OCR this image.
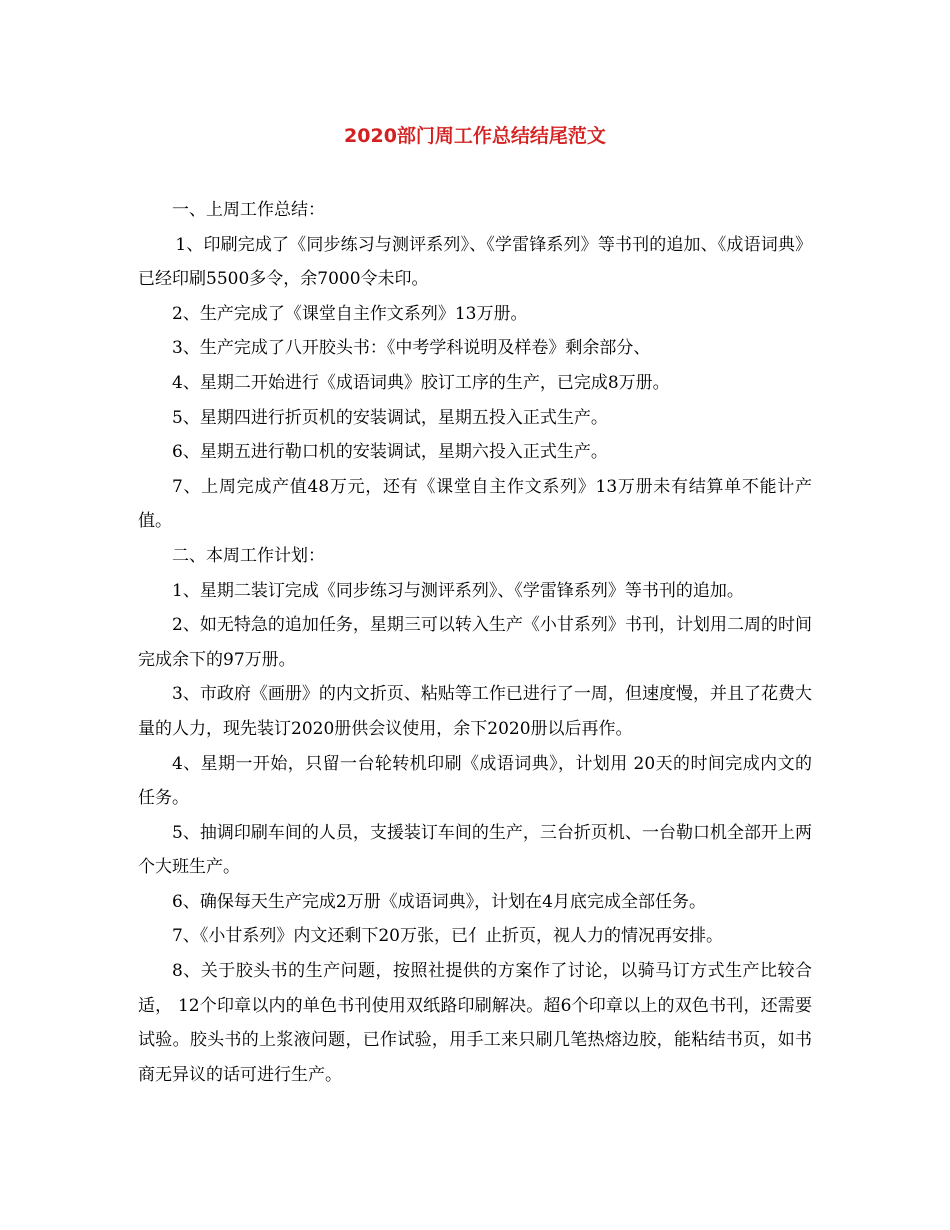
2020部门周工作总结结尾范文

一、上周工作总结：

1、印刷完成了《同步练习与测评系列》、《学雷锋系列》等书刊的追加、《成语词典》已经印刷5500多令，余7000令未印。

2、生产完成了《课堂自主作文系列》13万册。

3、生产完成了八开胶头书：《中考学科说明及样卷》剩余部分、

4、星期二开始进行《成语词典》胶订工序的生产，已完成8万册。

5、星期四进行折页机的安装调试，星期五投入正式生产。

6、星期五进行勒口机的安装调试，星期六投入正式生产。

7、上周完成产值48万元，还有《课堂自主作文系列》13万册未有结算单不能计产值。

二、本周工作计划：

1、星期二装订完成《同步练习与测评系列》、《学雷锋系列》等书刊的追加。

2、如无特急的追加任务，星期三可以转入生产《小甘系列》书刊，计划用二周的时间完成余下的97万册。

3、市政府《画册》的内文折页、粘贴等工作已进行了一周，但速度慢，并且了花费大量的人力，现先装订2020册供会议使用，余下2020册以后再作。

4、星期一开始，只留一台轮转机印刷《成语词典》，计划用 20天的时间完成内文的任务。

5、抽调印刷车间的人员，支援装订车间的生产，三台折页机、一台勒口机全部开上两个大班生产。

6、确保每天生产完成2万册《成语词典》，计划在4月底完成全部任务。

7、《小甘系列》内文还剩下20万张，已亻止折页，视人力的情况再安排。

8、关于胶头书的生产问题，按照社提供的方案作了讨论，以骑马订方式生产比较合适， 12个印章以内的单色书刊使用双纸路印刷解决。超6个印章以上的双色书刊，还需要试验。胶头书的上浆液问题，已作试验，用手工来只刷几笔热熔边胶，能粘结书页，如书商无异议的话可进行生产。
